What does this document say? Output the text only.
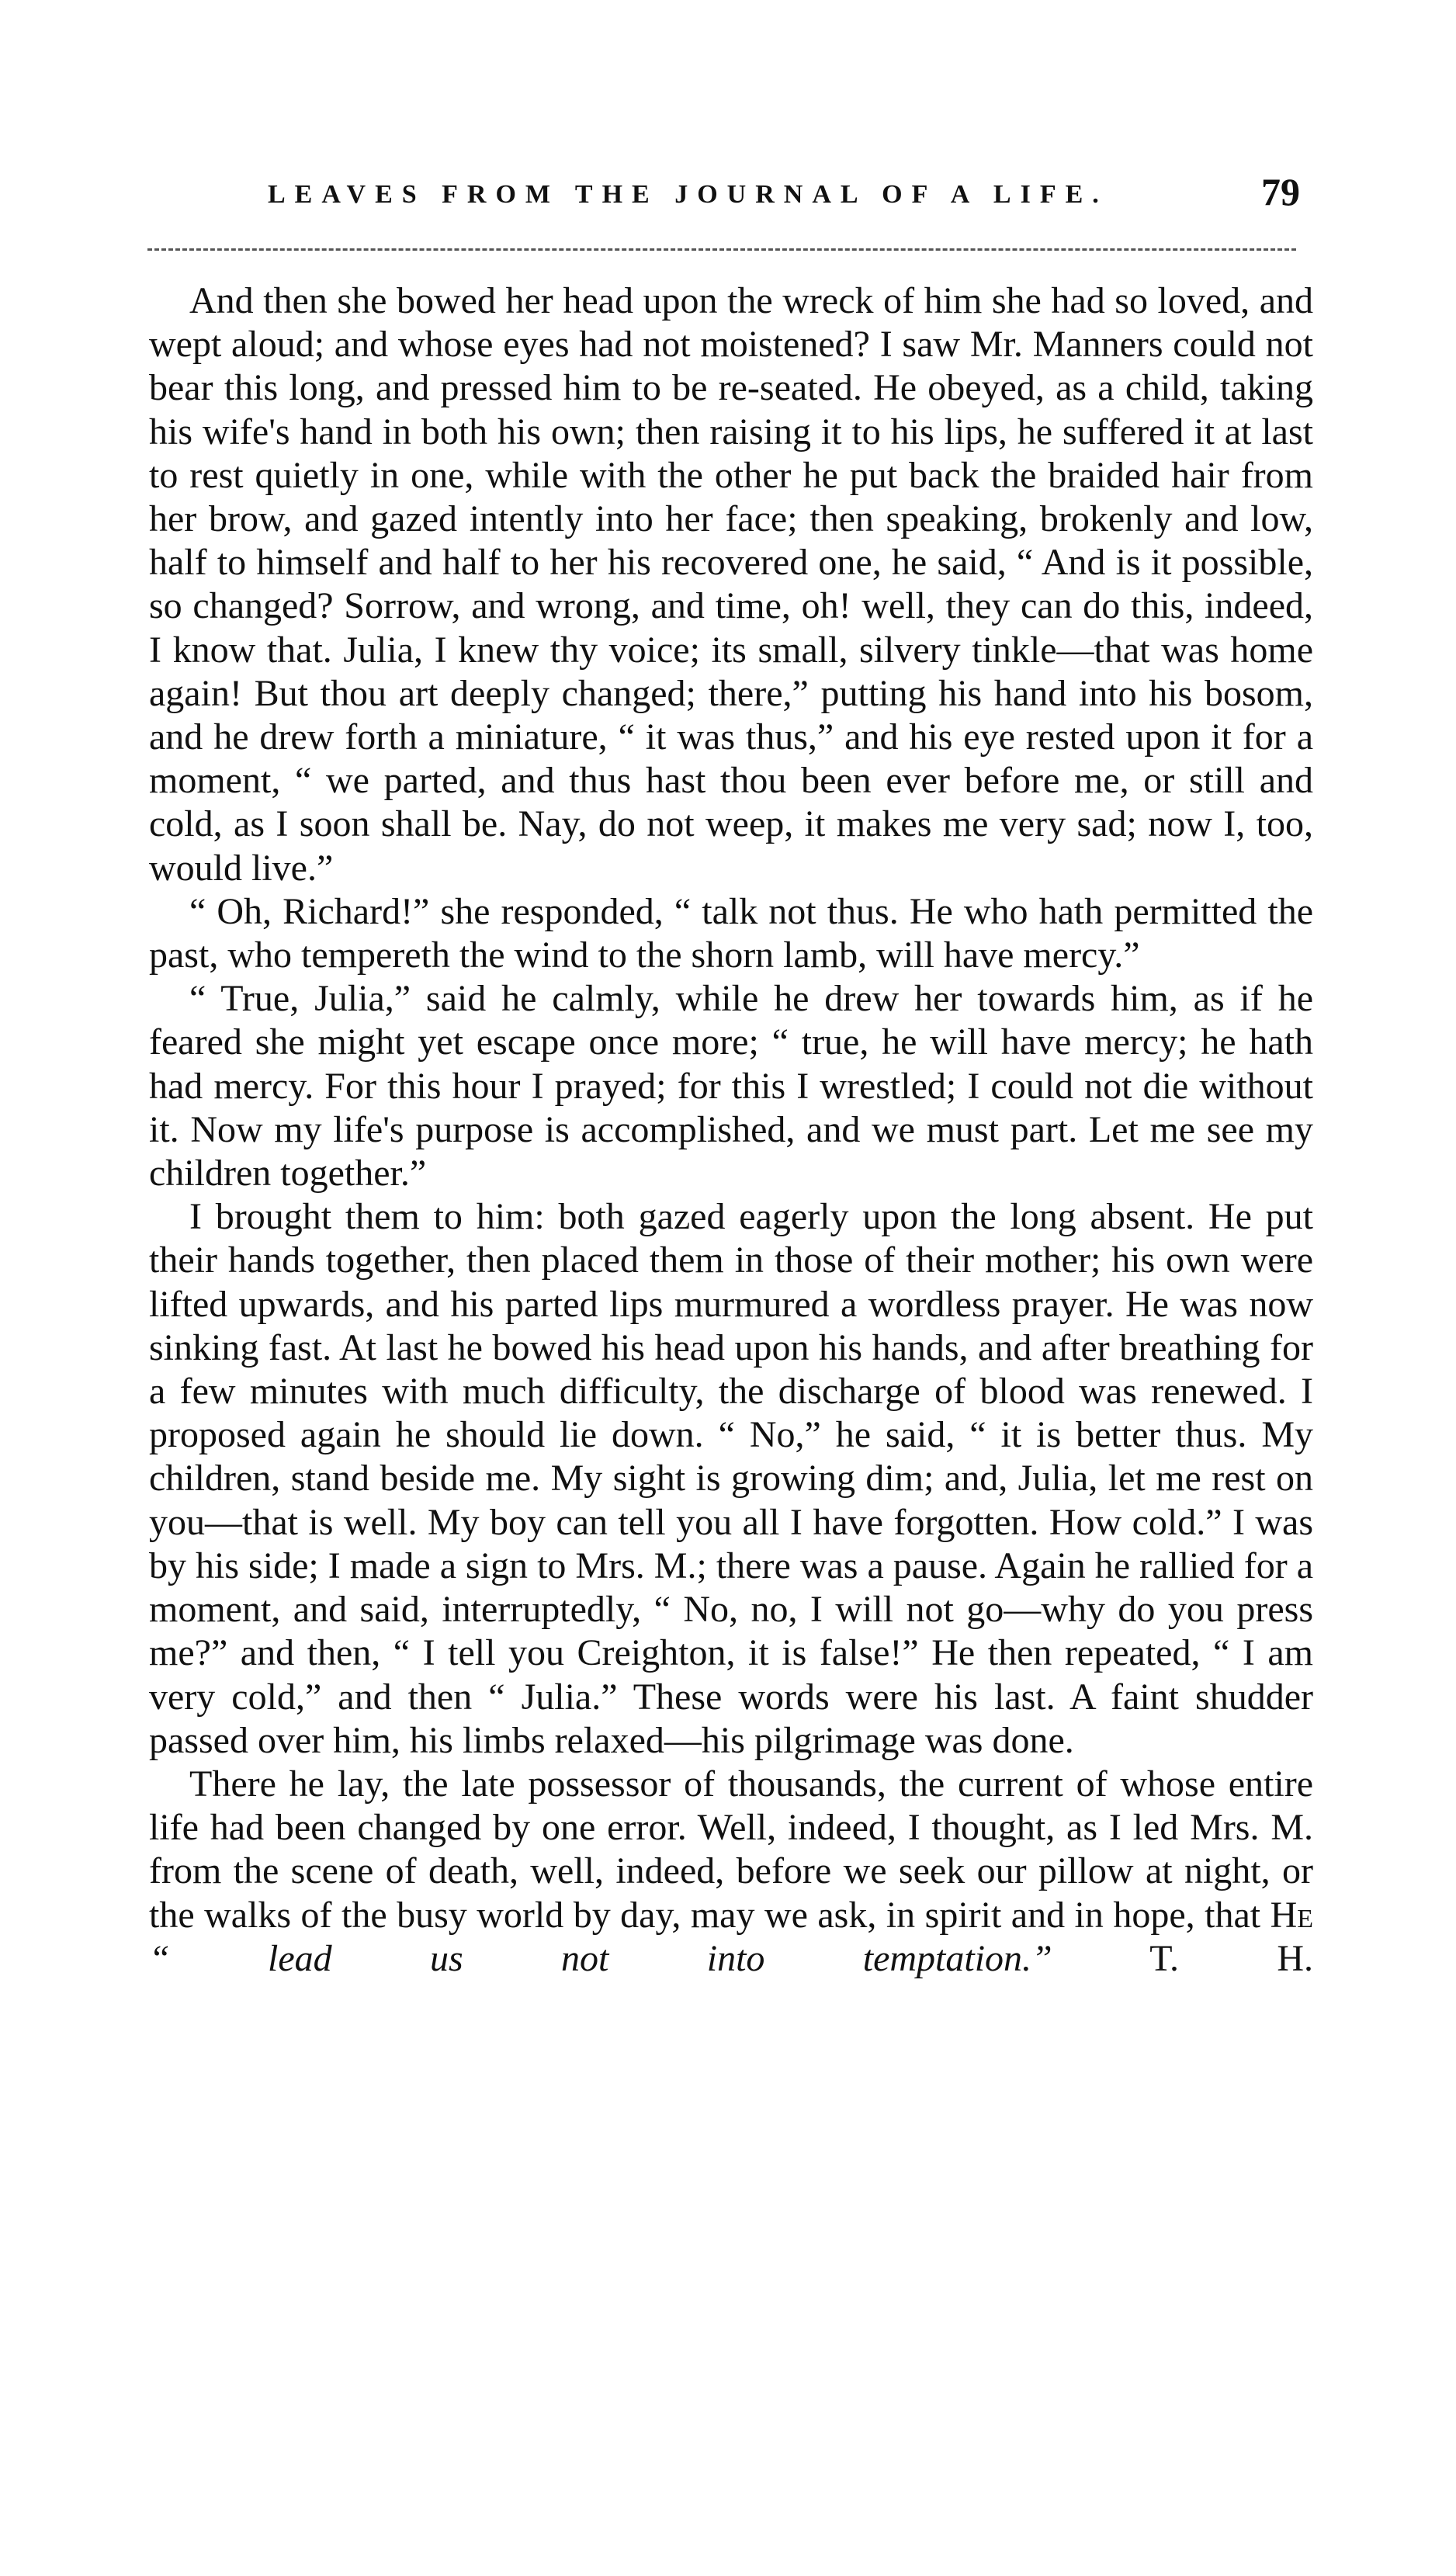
LEAVES FROM THE JOURNAL OF A LIFE.	79

And then she bowed her head upon the wreck of him she had so loved, and wept aloud; and whose eyes had not moistened? I saw Mr. Manners could not bear this long, and pressed him to be re-seated. He obeyed, as a child, taking his wife's hand in both his own; then raising it to his lips, he suffered it at last to rest quietly in one, while with the other he put back the braided hair from her brow, and gazed intently into her face; then speaking, brokenly and low, half to himself and half to her his recovered one, he said, “ And is it possible, so changed? Sorrow, and wrong, and time, oh! well, they can do this, indeed, I know that. Julia, I knew thy voice; its small, silvery tinkle—that was home again! But thou art deeply changed; there,” putting his hand into his bosom, and he drew forth a miniature, “ it was thus,” and his eye rested upon it for a moment, “ we parted, and thus hast thou been ever before me, or still and cold, as I soon shall be. Nay, do not weep, it makes me very sad; now I, too, would live.”

“ Oh, Richard!” she responded, “ talk not thus. He who hath permitted the past, who tempereth the wind to the shorn lamb, will have mercy.”

“ True, Julia,” said he calmly, while he drew her towards him, as if he feared she might yet escape once more; “ true, he will have mercy; he hath had mercy. For this hour I prayed; for this I wrestled; I could not die without it. Now my life's purpose is accomplished, and we must part. Let me see my children together.”

I brought them to him: both gazed eagerly upon the long absent. He put their hands together, then placed them in those of their mother; his own were lifted upwards, and his parted lips murmured a wordless prayer. He was now sinking fast. At last he bowed his head upon his hands, and after breathing for a few minutes with much difficulty, the discharge of blood was renewed. I proposed again he should lie down. “ No,” he said, “ it is better thus. My children, stand beside me. My sight is growing dim; and, Julia, let me rest on you—that is well. My boy can tell you all I have forgotten. How cold.” I was by his side; I made a sign to Mrs. M.; there was a pause. Again he rallied for a moment, and said, interruptedly, “ No, no, I will not go—why do you press me?” and then, “ I tell you Creighton, it is false!” He then repeated, “ I am very cold,” and then “ Julia.” These words were his last. A faint shudder passed over him, his limbs relaxed—his pilgrimage was done.

There he lay, the late possessor of thousands, the current of whose entire life had been changed by one error. Well, indeed, I thought, as I led Mrs. M. from the scene of death, well, indeed, before we seek our pillow at night, or the walks of the busy world by day, may we ask, in spirit and in hope, that He “ lead us not into temptation.”	T. H.
